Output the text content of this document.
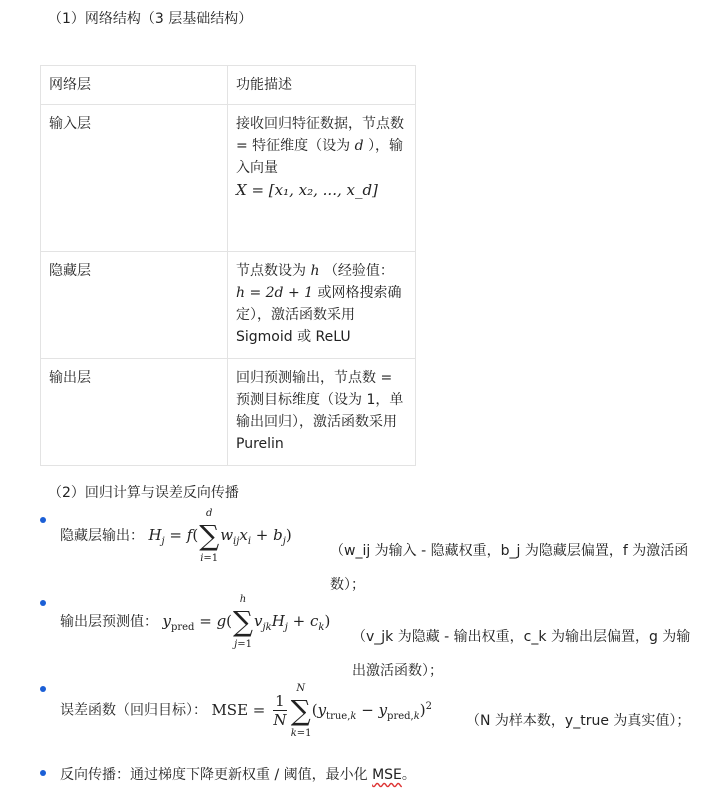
（1）网络结构（3 层基础结构）
网络层	功能描述
输入层	接收回归特征数据，节点数 = 特征维度（设为 d ），输入向量
X = [x₁, x₂, ..., x_d]
隐藏层	节点数设为 h （经验值： h = 2d + 1 或网格搜索确定），激活函数采用 Sigmoid 或 ReLU
输出层	回归预测输出，节点数 = 预测目标维度（设为 1，单输出回归），激活函数采用 Purelin
（2）回归计算与误差反向传播
隐藏层输出： $H_j = f$(
d
∑
i=1
$w_{ij}x_i + b_j$)
（w_ij 为输入 - 隐藏权重，b_j 为隐藏层偏置，f 为激活函数）；
输出层预测值： $y_{pred} = g$(
h
∑
j=1
$v_{jk}H_j + c_k$)
（v_jk 为隐藏 - 输出权重，c_k 为输出层偏置，g 为输出激活函数）；
误差函数（回归目标）： MSE = $\frac{1}{N}$
N
∑
k=1
$(y_{true,k} - y_{pred,k})^2$
（N 为样本数，y_true 为真实值）；
反向传播：通过梯度下降更新权重 / 阈值，最小化 MSE。
